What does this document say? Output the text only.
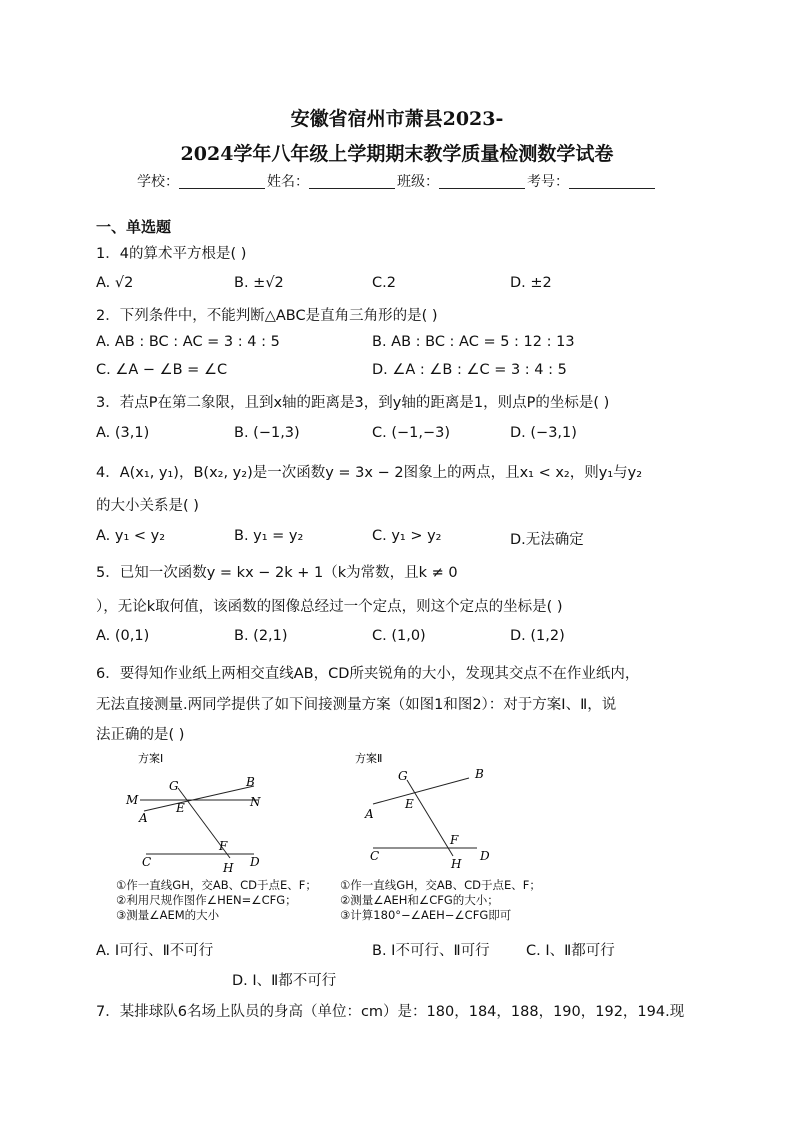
安徽省宿州市萧县2023-
2024学年八年级上学期期末教学质量检测数学试卷
学校：	姓名：	班级：	考号：
一、单选题
1．4的算术平方根是( )
A. √2	B. ±√2	C.2	D. ±2
2．下列条件中，不能判断△ABC是直角三角形的是( )
A. AB : BC : AC = 3 : 4 : 5	B. AB : BC : AC = 5 : 12 : 13
C. ∠A − ∠B = ∠C	D. ∠A : ∠B : ∠C = 3 : 4 : 5
3．若点P在第二象限，且到x轴的距离是3，到y轴的距离是1，则点P的坐标是( )
A. (3,1)	B. (−1,3)	C. (−1,−3)	D. (−3,1)
4．A(x₁, y₁)，B(x₂, y₂)是一次函数y = 3x − 2图象上的两点，且x₁ < x₂，则y₁与y₂
的大小关系是( )
A. y₁ < y₂	B. y₁ = y₂	C. y₁ > y₂	D.无法确定
5．已知一次函数y = kx − 2k + 1（k为常数，且k ≠ 0
），无论k取何值，该函数的图像总经过一个定点，则这个定点的坐标是( )
A. (0,1)	B. (2,1)	C. (1,0)	D. (1,2)
6．要得知作业纸上两相交直线AB，CD所夹锐角的大小，发现其交点不在作业纸内，
无法直接测量.两同学提供了如下间接测量方案（如图1和图2）：对于方案Ⅰ、Ⅱ，说
法正确的是( )
方案Ⅰ
G	B
M	N
A
E
F
C	H D
①作一直线GH，交AB、CD于点E、F；
②利用尺规作图作∠HEN=∠CFG；
③测量∠AEM的大小
方案Ⅱ
G	B
A
E
F
C
H
D
①作一直线GH，交AB、CD于点E、F；
②测量∠AEH和∠CFG的大小；
③计算180°−∠AEH−∠CFG即可
A. Ⅰ可行、Ⅱ不可行	B. Ⅰ不可行、Ⅱ可行	C. Ⅰ、Ⅱ都可行
D. Ⅰ、Ⅱ都不可行
7．某排球队6名场上队员的身高（单位：cm）是：180，184，188，190，192，194.现
